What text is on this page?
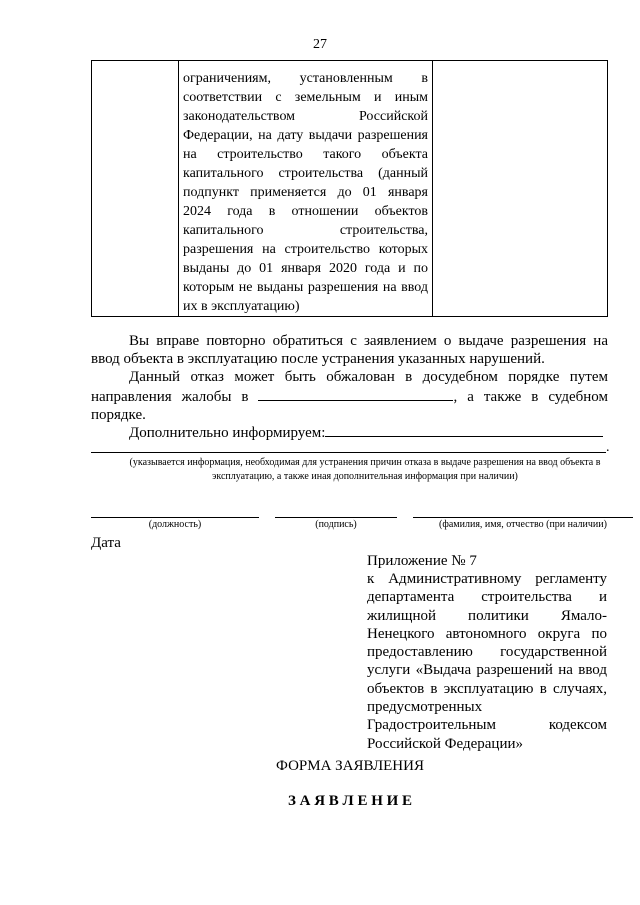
27

ограничениям, установленным в соответствии с земельным и иным законодательством Российской Федерации, на дату выдачи разрешения на строительство такого объекта капитального строительства (данный подпункт применяется до 01 января 2024 года в отношении объектов капитального строительства, разрешения на строительство которых выданы до 01 января 2020 года и по которым не выданы разрешения на ввод их в эксплуатацию)

Вы вправе повторно обратиться с заявлением о выдаче разрешения на ввод объекта в эксплуатацию после устранения указанных нарушений.
Данный отказ может быть обжалован в досудебном порядке путем направления жалобы в	, а также в судебном порядке.
Дополнительно информируем:
.
(указывается информация, необходимая для устранения причин отказа в выдаче разрешения на ввод объекта в эксплуатацию, а также иная дополнительная информация при наличии)
(должность)	(подпись)	(фамилия, имя, отчество (при наличии)
Дата
Приложение № 7
к Административному регламенту департамента строительства и жилищной политики Ямало-Ненецкого автономного округа по предоставлению государственной услуги «Выдача разрешений на ввод объектов в эксплуатацию в случаях, предусмотренных Градостроительным кодексом Российской Федерации»
ФОРМА ЗАЯВЛЕНИЯ
З А Я В Л Е Н И Е
